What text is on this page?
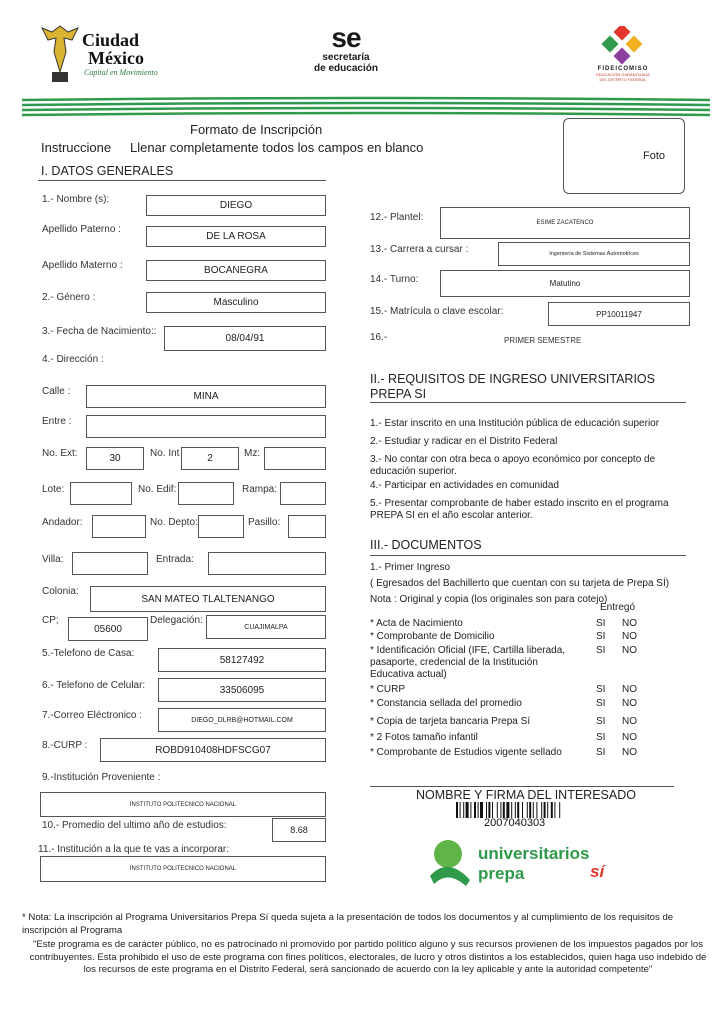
Ciudad
México
Capital en Movimiento
se
secretaría
de educación	FIDEICOMISO
EDUCACIÓN GARANTIZADA
DEL DISTRITO FEDERAL
Formato de Inscripción
Instruccione Llenar completamente todos los campos en blanco
Foto
I. DATOS GENERALES
1.- Nombre (s):
DIEGO
Apellido Paterno :
DE LA ROSA
Apellido Materno :	BOCANEGRA
2.- Género :	Masculino
3.- Fecha de Nacimiento::
08/04/91
4.- Dirección :
Calle :	MINA
Entre :
No. Ext:	30	No. Int	2	Mz:
Lote:	No. Edif:	Rampa:
Andador:	No. Depto:	Pasillo:
Villa:	Entrada:
Colonia:
SAN MATEO TLALTENANGO
CP;
05600
Delegación:
CUAJIMALPA
5.-Telefono de Casa:
58127492
6.- Telefono de Celular:	33506095
7.-Correo Eléctronico :	DIEGO_DLRB@HOTMAIL.COM
8.-CURP :	ROBD910408HDFSCG07
9.-Institución Proveniente :
INSTITUTO POLITECNICO NACIONAL
10.- Promedio del ultimo año de estudios:	8.68
11.- Institución a la que te vas a incorporar:
INSTITUTO POLITECNICO NACIONAL
12.- Plantel:	ESIME ZACATENCO
13.- Carrera a cursar :	Ingeniería de Sistemas Automotrices
14.- Turno:	Matutino
15.- Matrícula o clave escolar:	PP10011947
16.-	PRIMER SEMESTRE
II.- REQUISITOS DE INGRESO UNIVERSITARIOS
PREPA SI
1.- Estar inscrito en una Institución pública de educación superior
2.- Estudiar y radicar en el Distrito Federal
3.- No contar con otra beca o apoyo económico por concepto de educación superior.
4.- Participar en actividades en comunidad
5.- Presentar comprobante de haber estado inscrito en el programa PREPA SI en el año escolar anterior.
III.- DOCUMENTOS
1.- Primer Ingreso
( Egresados del Bachillerto que cuentan con su tarjeta de Prepa SÍ)
Nota : Original y copia (los originales son para cotejo)
Entregó
* Acta de Nacimiento	SI NO
* Comprobante de Domicilio	SI NO
* Identificación Oficial (IFE, Cartilla liberada, pasaporte, credencial de la Institución Educativa actual)
SI NO
* CURP	SI NO
* Constancia sellada del promedio	SI NO
* Copia de tarjeta bancaria Prepa Sí	SI NO
* 2 Fotos tamaño infantil	SI NO
* Comprobante de Estudios vigente sellado	SI NO
NOMBRE Y FIRMA DEL INTERESADO
2007040303
universitarios prepa	sí
* Nota: La inscripción al Programa Universitarios Prepa Sí queda sujeta a la presentación de todos los documentos y al cumplimiento de los requisitos de inscripción al Programa
"Este programa es de carácter público, no es patrocinado ni promovido por partido político alguno y sus recursos provienen de los impuestos pagados por los contribuyentes. Esta prohibido el uso de este programa con fines políticos, electorales, de lucro y otros distintos a los establecidos, quien haga uso indebido de los recursos de este programa en el Distrito Federal, será sancionado de acuerdo con la ley aplicable y ante la autoridad competente"
